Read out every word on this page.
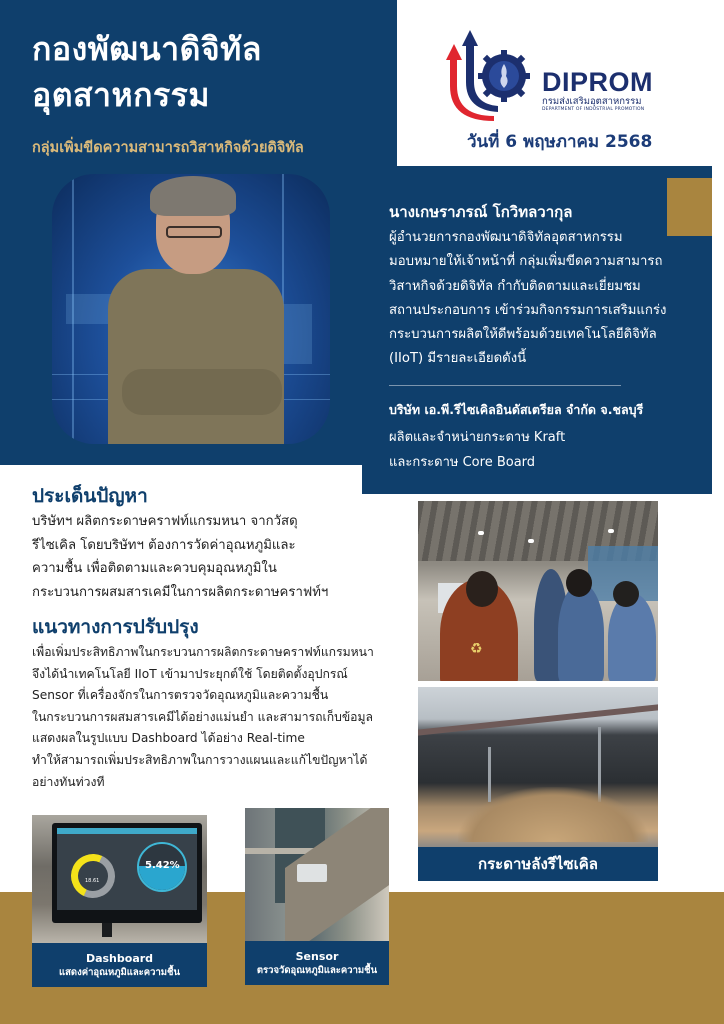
กองพัฒนาดิจิทัล
อุตสาหกรรม
กลุ่มเพิ่มขีดความสามารถวิสาหกิจด้วยดิจิทัล
DIPROM
กรมส่งเสริมอุตสาหกรรม
DEPARTMENT OF INDUSTRIAL PROMOTION
วันที่ 6 พฤษภาคม 2568
นางเกษราภรณ์ โกวิทลวากุล
ผู้อำนวยการกองพัฒนาดิจิทัลอุตสาหกรรม
มอบหมายให้เจ้าหน้าที่ กลุ่มเพิ่มขีดความสามารถ
วิสาหกิจด้วยดิจิทัล กำกับติดตามและเยี่ยมชม
สถานประกอบการ เข้าร่วมกิจกรรมการเสริมแกร่ง
กระบวนการผลิตให้ดีพร้อมด้วยเทคโนโลยีดิจิทัล
(IIoT) มีรายละเอียดดังนี้
บริษัท เอ.พี.รีไซเคิลอินดัสเตรียล จำกัด จ.ชลบุรี
ผลิตและจำหน่ายกระดาษ Kraft
และกระดาษ Core Board
ประเด็นปัญหา
บริษัทฯ ผลิตกระดาษคราฟท์แกรมหนา จากวัสดุ
รีไซเคิล โดยบริษัทฯ ต้องการวัดค่าอุณหภูมิและ
ความชื้น เพื่อติดตามและควบคุมอุณหภูมิใน
กระบวนการผสมสารเคมีในการผลิตกระดาษคราฟท์ฯ
แนวทางการปรับปรุง
เพื่อเพิ่มประสิทธิภาพในกระบวนการผลิตกระดาษคราฟท์แกรมหนา
จึงได้นำเทคโนโลยี IIoT เข้ามาประยุกต์ใช้ โดยติดตั้งอุปกรณ์
Sensor ที่เครื่องจักรในการตรวจวัดอุณหภูมิและความชื้น
ในกระบวนการผสมสารเคมีได้อย่างแม่นยำ และสามารถเก็บข้อมูล
แสดงผลในรูปแบบ Dashboard ได้อย่าง Real-time
ทำให้สามารถเพิ่มประสิทธิภาพในการวางแผนและแก้ไขปัญหาได้
อย่างทันท่วงที
♻
กระดาษลังรีไซเคิล
18.61
5.42%
Dashboard
แสดงค่าอุณหภูมิและความชื้น
Sensor
ตรวจวัดอุณหภูมิและความชื้น
